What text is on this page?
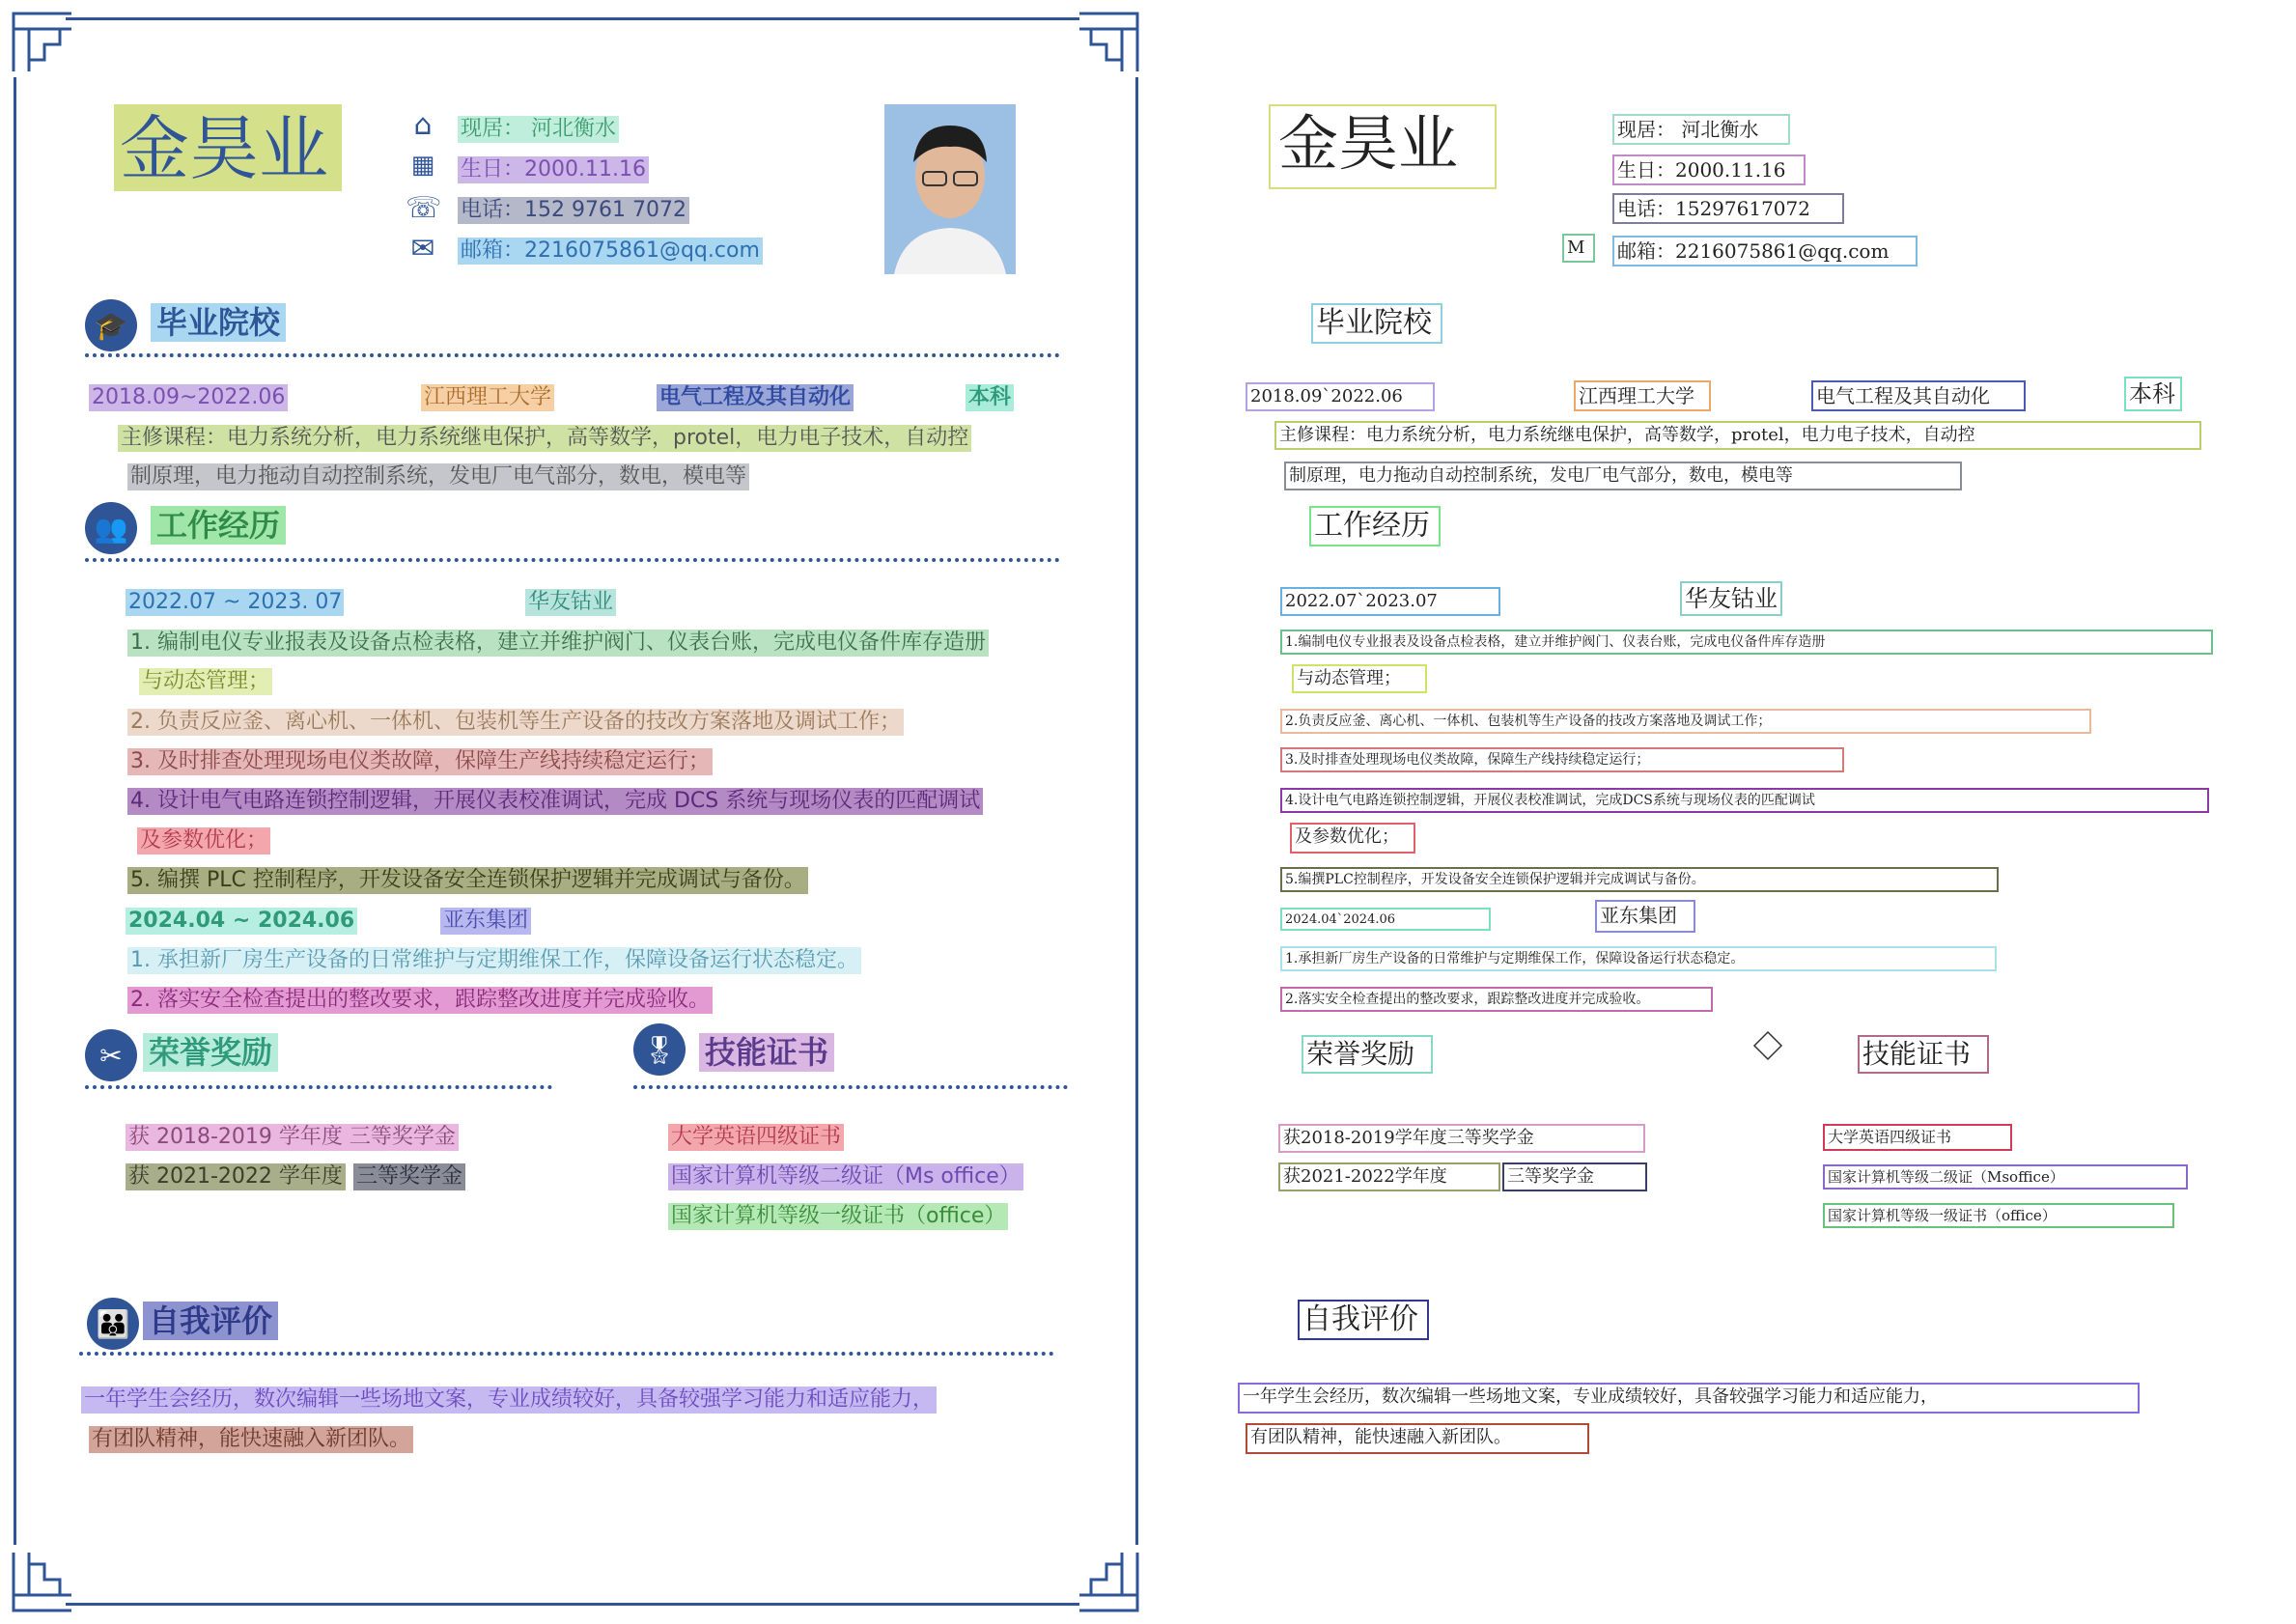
金昊业	⌂	现居： 河北衡水
▦ 生日：2000.11.16
☏ 电话：152 9761 7072
✉ 邮箱：2216075861@qq.com
🎓 毕业院校
2018.09~2022.06	江西理工大学	电气工程及其自动化	本科
主修课程：电力系统分析，电力系统继电保护，高等数学，protel，电力电子技术，自动控
制原理，电力拖动自动控制系统，发电厂电气部分，数电，模电等
👥 工作经历
2022.07 ~ 2023. 07	华友钴业
1. 编制电仪专业报表及设备点检表格，建立并维护阀门、仪表台账，完成电仪备件库存造册
与动态管理；
2. 负责反应釜、离心机、一体机、包装机等生产设备的技改方案落地及调试工作；
3. 及时排查处理现场电仪类故障，保障生产线持续稳定运行；
4. 设计电气电路连锁控制逻辑，开展仪表校准调试，完成 DCS 系统与现场仪表的匹配调试
及参数优化；
5. 编撰 PLC 控制程序，开发设备安全连锁保护逻辑并完成调试与备份。
2024.04 ~ 2024.06	亚东集团
1. 承担新厂房生产设备的日常维护与定期维保工作，保障设备运行状态稳定。
2. 落实安全检查提出的整改要求，跟踪整改进度并完成验收。
✂ 荣誉奖励	🎖 技能证书
获 2018-2019 学年度 三等奖学金
获 2021-2022 学年度 三等奖学金
大学英语四级证书
国家计算机等级二级证（Ms office）
国家计算机等级一级证书（office）
👪 自我评价
一年学生会经历，数次编辑一些场地文案，专业成绩较好，具备较强学习能力和适应能力，
有团队精神，能快速融入新团队。
金昊业	现居： 河北衡水
生日：2000.11.16
电话：15297617072
M	邮箱：2216075861@qq.com
毕业院校
2018.09`2022.06	江西理工大学	电气工程及其自动化	本科
主修课程：电力系统分析，电力系统继电保护，高等数学，protel，电力电子技术，自动控
制原理，电力拖动自动控制系统，发电厂电气部分，数电，模电等
工作经历
2022.07`2023.07	华友钴业
1.编制电仪专业报表及设备点检表格，建立并维护阀门、仪表台账，完成电仪备件库存造册
与动态管理；
2.负责反应釜、离心机、一体机、包装机等生产设备的技改方案落地及调试工作；
3.及时排查处理现场电仪类故障，保障生产线持续稳定运行；
4.设计电气电路连锁控制逻辑，开展仪表校准调试，完成DCS系统与现场仪表的匹配调试
及参数优化；
5.编撰PLC控制程序，开发设备安全连锁保护逻辑并完成调试与备份。
2024.04`2024.06	亚东集团
1.承担新厂房生产设备的日常维护与定期维保工作，保障设备运行状态稳定。
2.落实安全检查提出的整改要求，跟踪整改进度并完成验收。
荣誉奖励	技能证书
获2018-2019学年度三等奖学金
获2021-2022学年度	三等奖学金
大学英语四级证书
国家计算机等级二级证（Msoffice）
国家计算机等级一级证书（office）
自我评价
一年学生会经历，数次编辑一些场地文案，专业成绩较好，具备较强学习能力和适应能力，
有团队精神，能快速融入新团队。
